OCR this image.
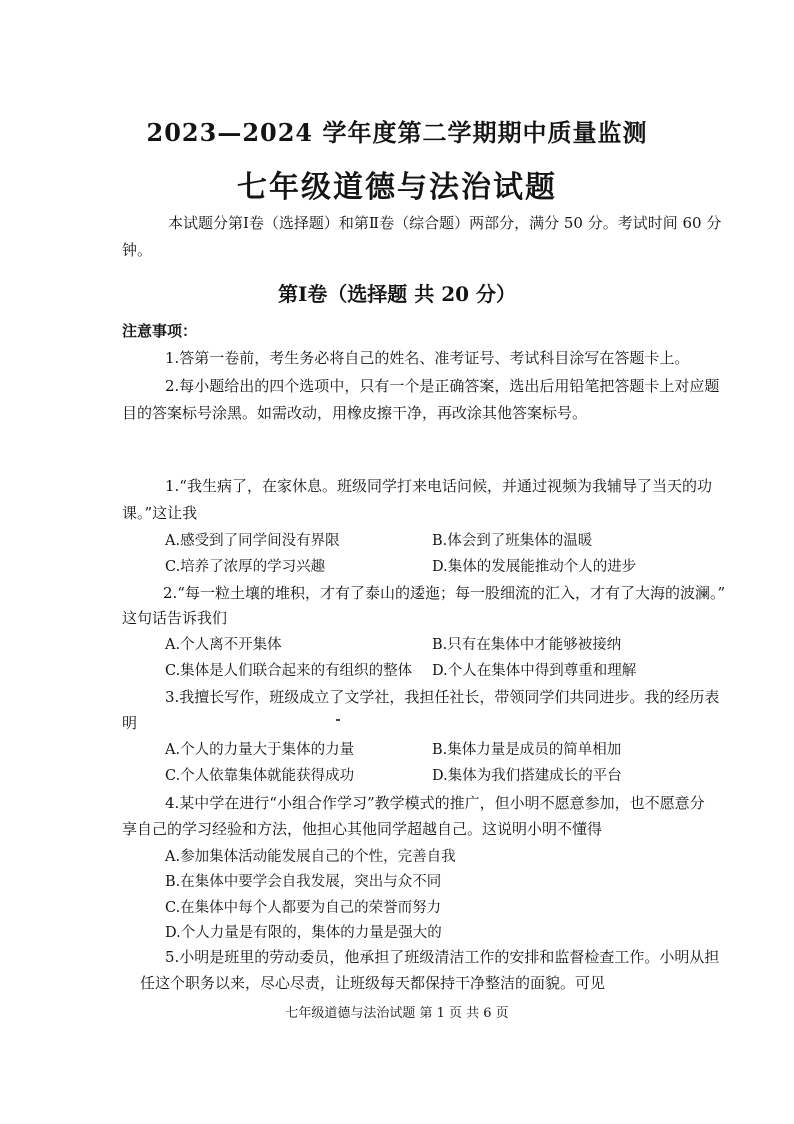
2023—2024 学年度第二学期期中质量监测
七年级道德与法治试题
本试题分第Ⅰ卷（选择题）和第Ⅱ卷（综合题）两部分，满分 50 分。考试时间 60 分
钟。
第Ⅰ卷（选择题 共 20 分）
注意事项：
1.答第一卷前，考生务必将自己的姓名、准考证号、考试科目涂写在答题卡上。
2.每小题给出的四个选项中，只有一个是正确答案，选出后用铅笔把答题卡上对应题
目的答案标号涂黑。如需改动，用橡皮擦干净，再改涂其他答案标号。
1.“我生病了，在家休息。班级同学打来电话问候，并通过视频为我辅导了当天的功
课。”这让我
A.感受到了同学间没有界限	B.体会到了班集体的温暖
C.培养了浓厚的学习兴趣	D.集体的发展能推动个人的进步
2.“每一粒土壤的堆积，才有了泰山的逶迤；每一股细流的汇入，才有了大海的波澜。”
这句话告诉我们
A.个人离不开集体	B.只有在集体中才能够被接纳
C.集体是人们联合起来的有组织的整体 D.个人在集体中得到尊重和理解
3.我擅长写作，班级成立了文学社，我担任社长，带领同学们共同进步。我的经历表
明
A.个人的力量大于集体的力量	B.集体力量是成员的简单相加
C.个人依靠集体就能获得成功	D.集体为我们搭建成长的平台
4.某中学在进行“小组合作学习”教学模式的推广，但小明不愿意参加，也不愿意分
享自己的学习经验和方法，他担心其他同学超越自己。这说明小明不懂得
A.参加集体活动能发展自己的个性，完善自我
B.在集体中要学会自我发展，突出与众不同
C.在集体中每个人都要为自己的荣誉而努力
D.个人力量是有限的，集体的力量是强大的
5.小明是班里的劳动委员，他承担了班级清洁工作的安排和监督检查工作。小明从担
任这个职务以来，尽心尽责，让班级每天都保持干净整洁的面貌。可见
七年级道德与法治试题 第 1 页 共 6 页
